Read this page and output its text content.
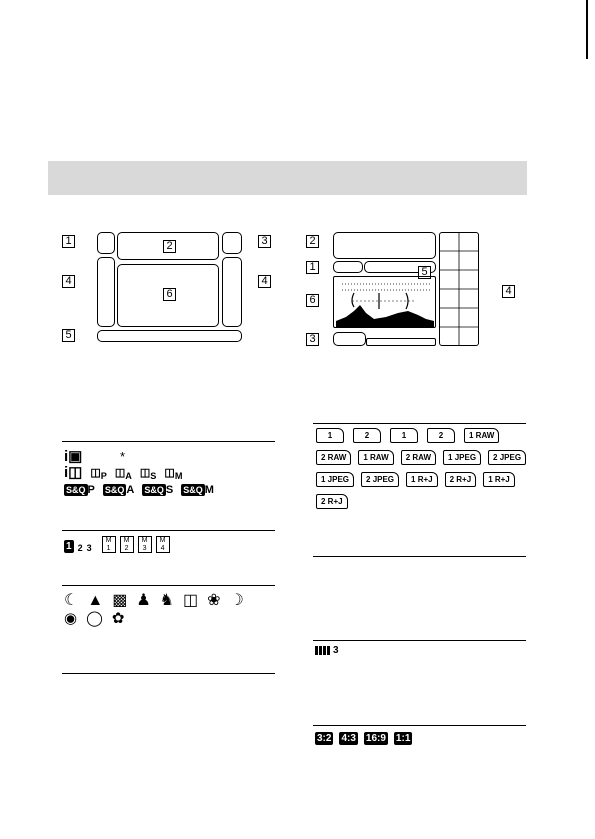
1	2	3
4
6
4
5
2
1	5
6
3
4
i▣	*
i◫ $◫_P$ $◫_A$ $◫_S$ $◫_M$
S&Q P S&Q A S&Q S S&Q M
1 2 3
M
1
M
2
M
3
M
4
☾ ▲ ▩ ♟ ♞ ◫ ❀ ☽
◉ ◯ ✿
1	2	1	2	1 RAW
2 RAW	1 RAW	2 RAW	1 JPEG	2 JPEG
1 JPEG	2 JPEG	1 R+J	2 R+J	1 R+J
2 R+J
3
3:2 4:3 16:9 1:1
